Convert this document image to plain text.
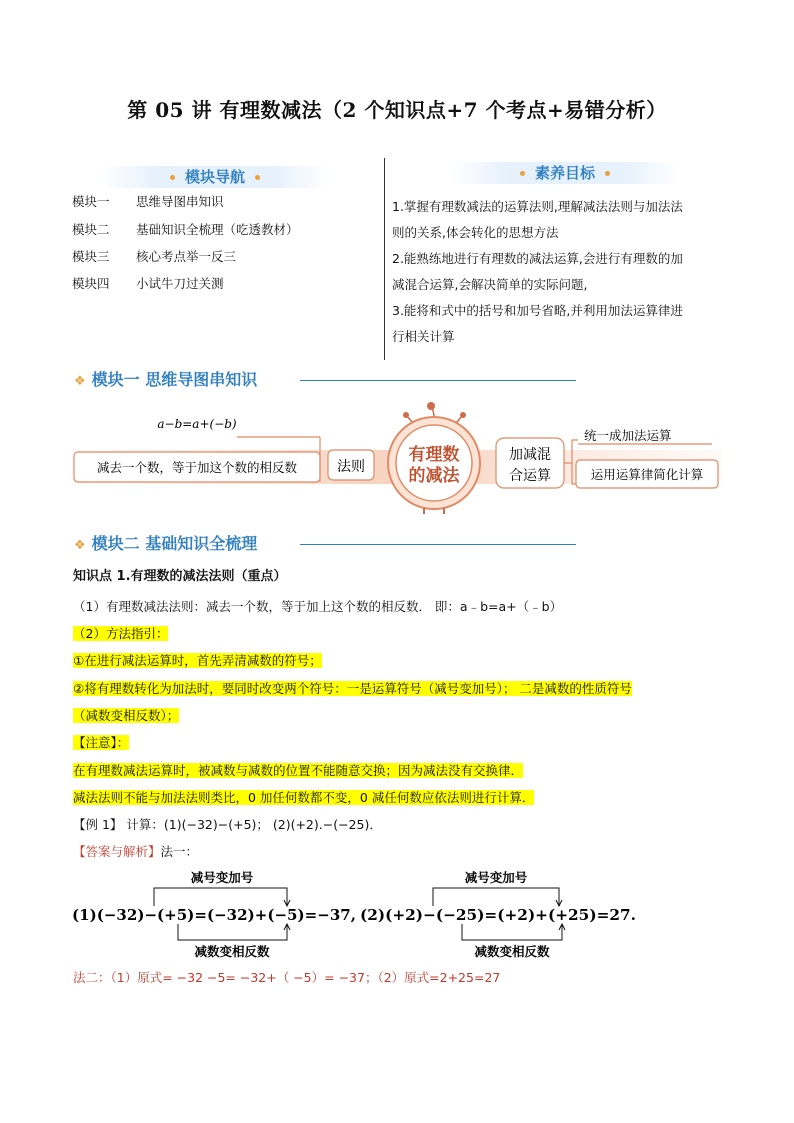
第 05 讲 有理数减法（2 个知识点+7 个考点+易错分析）
模块导航
模块一 思维导图串知识
模块二 基础知识全梳理（吃透教材）
模块三 核心考点举一反三
模块四 小试牛刀过关测
素养目标
1.掌握有理数减法的运算法则,理解减法法则与加法法
则的关系,体会转化的思想方法
2.能熟练地进行有理数的减法运算,会进行有理数的加
减混合运算,会解决简单的实际问题,
3.能将和式中的括号和加号省略,并利用加法运算律进
行相关计算
❖ 模块一 思维导图串知识
a−b=a+(−b)
减去一个数，等于加这个数的相反数	法则
有理数
的减法
加减混
合运算
统一成加法运算
运用运算律简化计算
❖ 模块二 基础知识全梳理
知识点 1.有理数的减法法则（重点）
（1）有理数减法法则：减去一个数，等于加上这个数的相反数． 即：a﹣b=a+（﹣b）
（2）方法指引：
①在进行减法运算时，首先弄清减数的符号；
②将有理数转化为加法时，要同时改变两个符号：一是运算符号（减号变加号）； 二是减数的性质符号
（减数变相反数）；
【注意】：
在有理数减法运算时，被减数与减数的位置不能随意交换；因为减法没有交换律．
减法法则不能与加法法则类比，0 加任何数都不变，0 减任何数应依法则进行计算．
【例 1】 计算：(1)(−32)−(+5)； (2)(+2).−(−25)．
【答案与解析】法一：
减号变加号
减数变相反数
减号变加号
减数变相反数
(1)(−32)−(+5)=(−32)+(−5)=−37, (2)(+2)−(−25)=(+2)+(+25)=27.
法二：（1）原式= −32 −5= −32+（ −5）= −37；（2）原式=2+25=27
